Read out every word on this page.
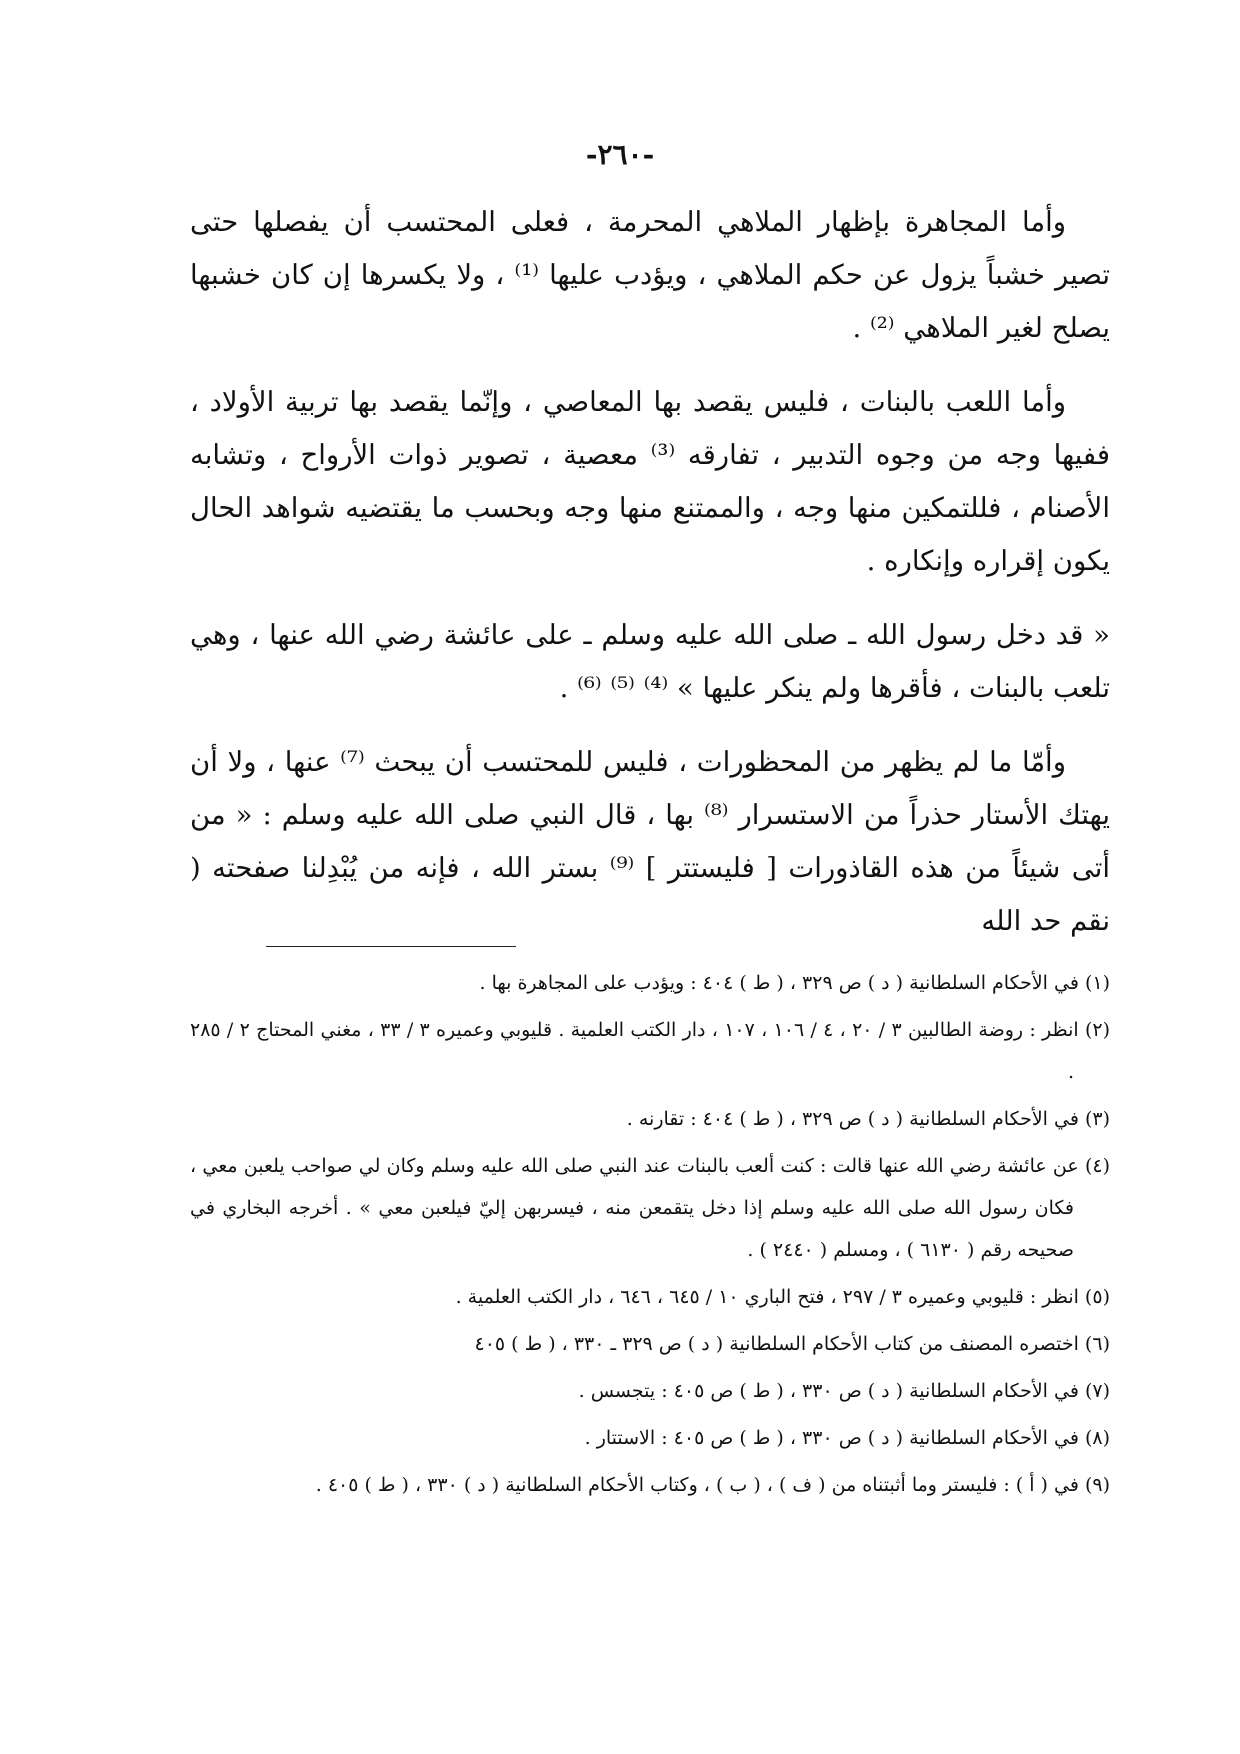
-٢٦٠-

وأما المجاهرة بإظهار الملاهي المحرمة ، فعلى المحتسب أن يفصلها حتى تصير خشباً يزول عن حكم الملاهي ، ويؤدب عليها ⁽¹⁾ ، ولا يكسرها إن كان خشبها يصلح لغير الملاهي ⁽²⁾ .

وأما اللعب بالبنات ، فليس يقصد بها المعاصي ، وإنّما يقصد بها تربية الأولاد ، ففيها وجه من وجوه التدبير ، تفارقه ⁽³⁾ معصية ، تصوير ذوات الأرواح ، وتشابه الأصنام ، فللتمكين منها وجه ، والممتنع منها وجه وبحسب ما يقتضيه شواهد الحال يكون إقراره وإنكاره .

« قد دخل رسول الله ـ صلى الله عليه وسلم ـ على عائشة رضي الله عنها ، وهي تلعب بالبنات ، فأقرها ولم ينكر عليها » ⁽⁴⁾ ⁽⁵⁾ ⁽⁶⁾ .

وأمّا ما لم يظهر من المحظورات ، فليس للمحتسب أن يبحث ⁽⁷⁾ عنها ، ولا أن يهتك الأستار حذراً من الاستسرار ⁽⁸⁾ بها ، قال النبي صلى الله عليه وسلم : « من أتى شيئاً من هذه القاذورات [ فليستتر ] ⁽⁹⁾ بستر الله ، فإنه من يُبْدِلنا صفحته ( نقم حد الله

(١) في الأحكام السلطانية ( د ) ص ٣٢٩ ، ( ط ) ٤٠٤ : ويؤدب على المجاهرة بها .

(٢) انظر : روضة الطالبين ٣ / ٢٠ ، ٤ / ١٠٦ ، ١٠٧ ، دار الكتب العلمية . قليوبي وعميره ٣ / ٣٣ ، مغني المحتاج ٢ / ٢٨٥ .

(٣) في الأحكام السلطانية ( د ) ص ٣٢٩ ، ( ط ) ٤٠٤ : تقارنه .

(٤) عن عائشة رضي الله عنها قالت : كنت ألعب بالبنات عند النبي صلى الله عليه وسلم وكان لي صواحب يلعبن معي ، فكان رسول الله صلى الله عليه وسلم إذا دخل يتقمعن منه ، فيسربهن إليّ فيلعبن معي » . أخرجه البخاري في صحيحه رقم ( ٦١٣٠ ) ، ومسلم ( ٢٤٤٠ ) .

(٥) انظر : قليوبي وعميره ٣ / ٢٩٧ ، فتح الباري ١٠ / ٦٤٥ ، ٦٤٦ ، دار الكتب العلمية .

(٦) اختصره المصنف من كتاب الأحكام السلطانية ( د ) ص ٣٢٩ ـ ٣٣٠ ، ( ط ) ٤٠٥

(٧) في الأحكام السلطانية ( د ) ص ٣٣٠ ، ( ط ) ص ٤٠٥ : يتجسس .

(٨) في الأحكام السلطانية ( د ) ص ٣٣٠ ، ( ط ) ص ٤٠٥ : الاستتار .

(٩) في ( أ ) : فليستر وما أثبتناه من ( ف ) ، ( ب ) ، وكتاب الأحكام السلطانية ( د ) ٣٣٠ ، ( ط ) ٤٠٥ .
